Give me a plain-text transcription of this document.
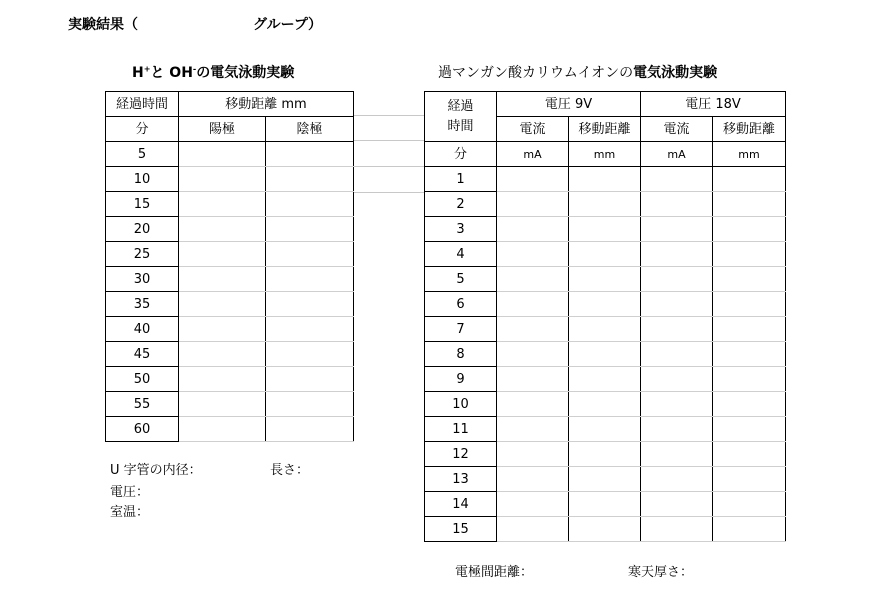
実験結果（	グループ）
H+と OH-の電気泳動実験
経過時間	移動距離 mm	
分	陽極	陰極
5		
10		
15		
20		
25		
30		
35		
40		
45		
50		
55		
60		
U 字管の内径：	長さ：
電圧：
室温：
過マンガン酸カリウムイオンの電気泳動実験
経過
時間	電圧 9V		電圧 18V	
	電流	移動距離	電流	移動距離
分	mA	mm	mA	mm
1				
2				
3				
4				
5				
6				
7				
8				
9				
10				
11				
12				
13				
14				
15				
電極間距離：	寒天厚さ：
